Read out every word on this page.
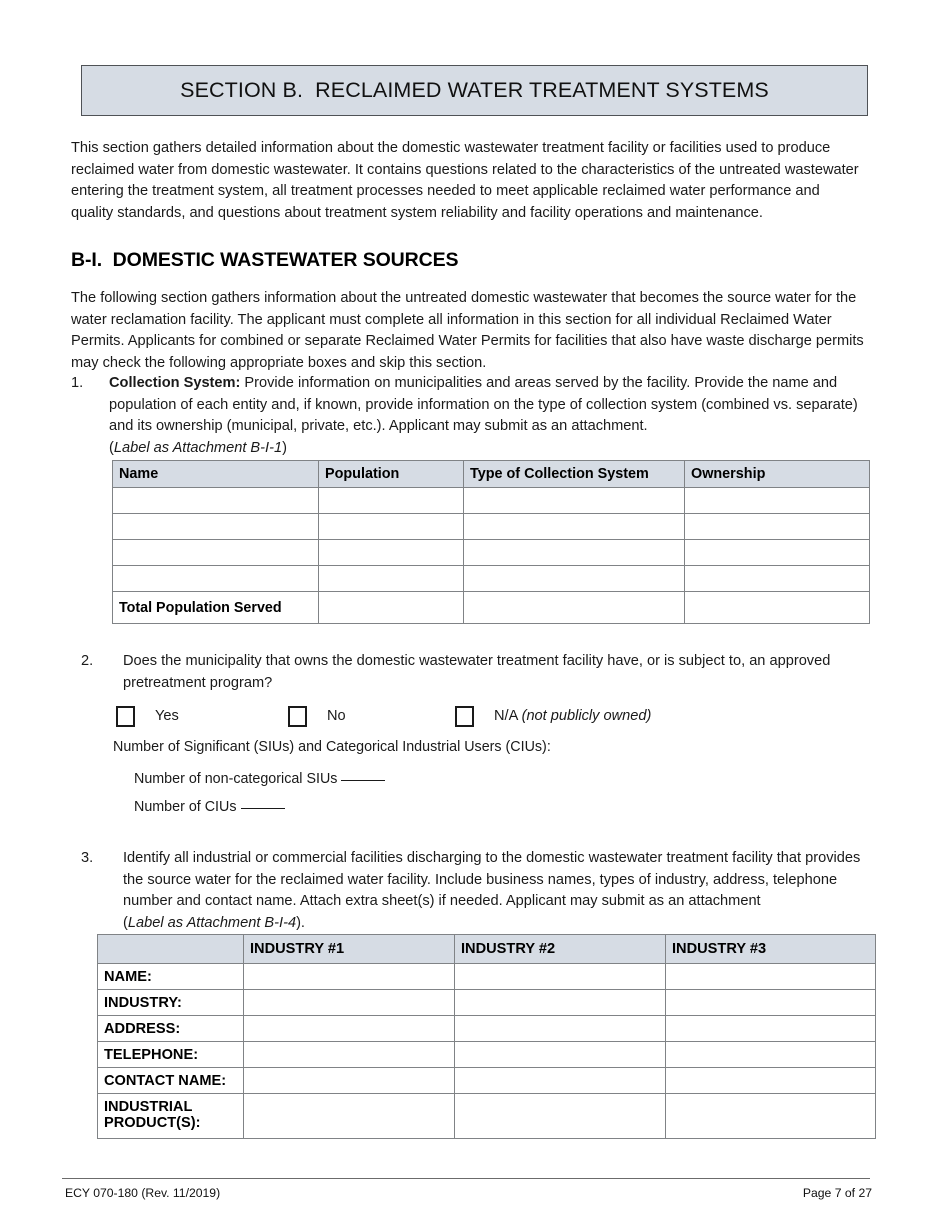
SECTION B.  RECLAIMED WATER TREATMENT SYSTEMS
This section gathers detailed information about the domestic wastewater treatment facility or facilities used to produce reclaimed water from domestic wastewater. It contains questions related to the characteristics of the untreated wastewater entering the treatment system, all treatment processes needed to meet applicable reclaimed water performance and quality standards, and questions about treatment system reliability and facility operations and maintenance.
B-I.  DOMESTIC WASTEWATER SOURCES
The following section gathers information about the untreated domestic wastewater that becomes the source water for the water reclamation facility. The applicant must complete all information in this section for all individual Reclaimed Water Permits. Applicants for combined or separate Reclaimed Water Permits for facilities that also have waste discharge permits may check the following appropriate boxes and skip this section.
1.	Collection System: Provide information on municipalities and areas served by the facility. Provide the name and population of each entity and, if known, provide information on the type of collection system (combined vs. separate) and its ownership (municipal, private, etc.). Applicant may submit as an attachment.
(Label as Attachment B-I-1)
Name	Population	Type of Collection System	Ownership

Total Population Served			
2.	Does the municipality that owns the domestic wastewater treatment facility have, or is subject to, an approved pretreatment program?
Yes	No	N/A (not publicly owned)
Number of Significant (SIUs) and Categorical Industrial Users (CIUs):
Number of non-categorical SIUs
Number of CIUs
3.	Identify all industrial or commercial facilities discharging to the domestic wastewater treatment facility that provides the source water for the reclaimed water facility. Include business names, types of industry, address, telephone number and contact name. Attach extra sheet(s) if needed. Applicant may submit as an attachment
(Label as Attachment B-I-4).
	INDUSTRY #1	INDUSTRY #2	INDUSTRY #3
NAME:			
INDUSTRY:			
ADDRESS:			
TELEPHONE:			
CONTACT NAME:			
INDUSTRIAL PRODUCT(S):			
ECY 070-180 (Rev. 11/2019)	Page 7 of 27
